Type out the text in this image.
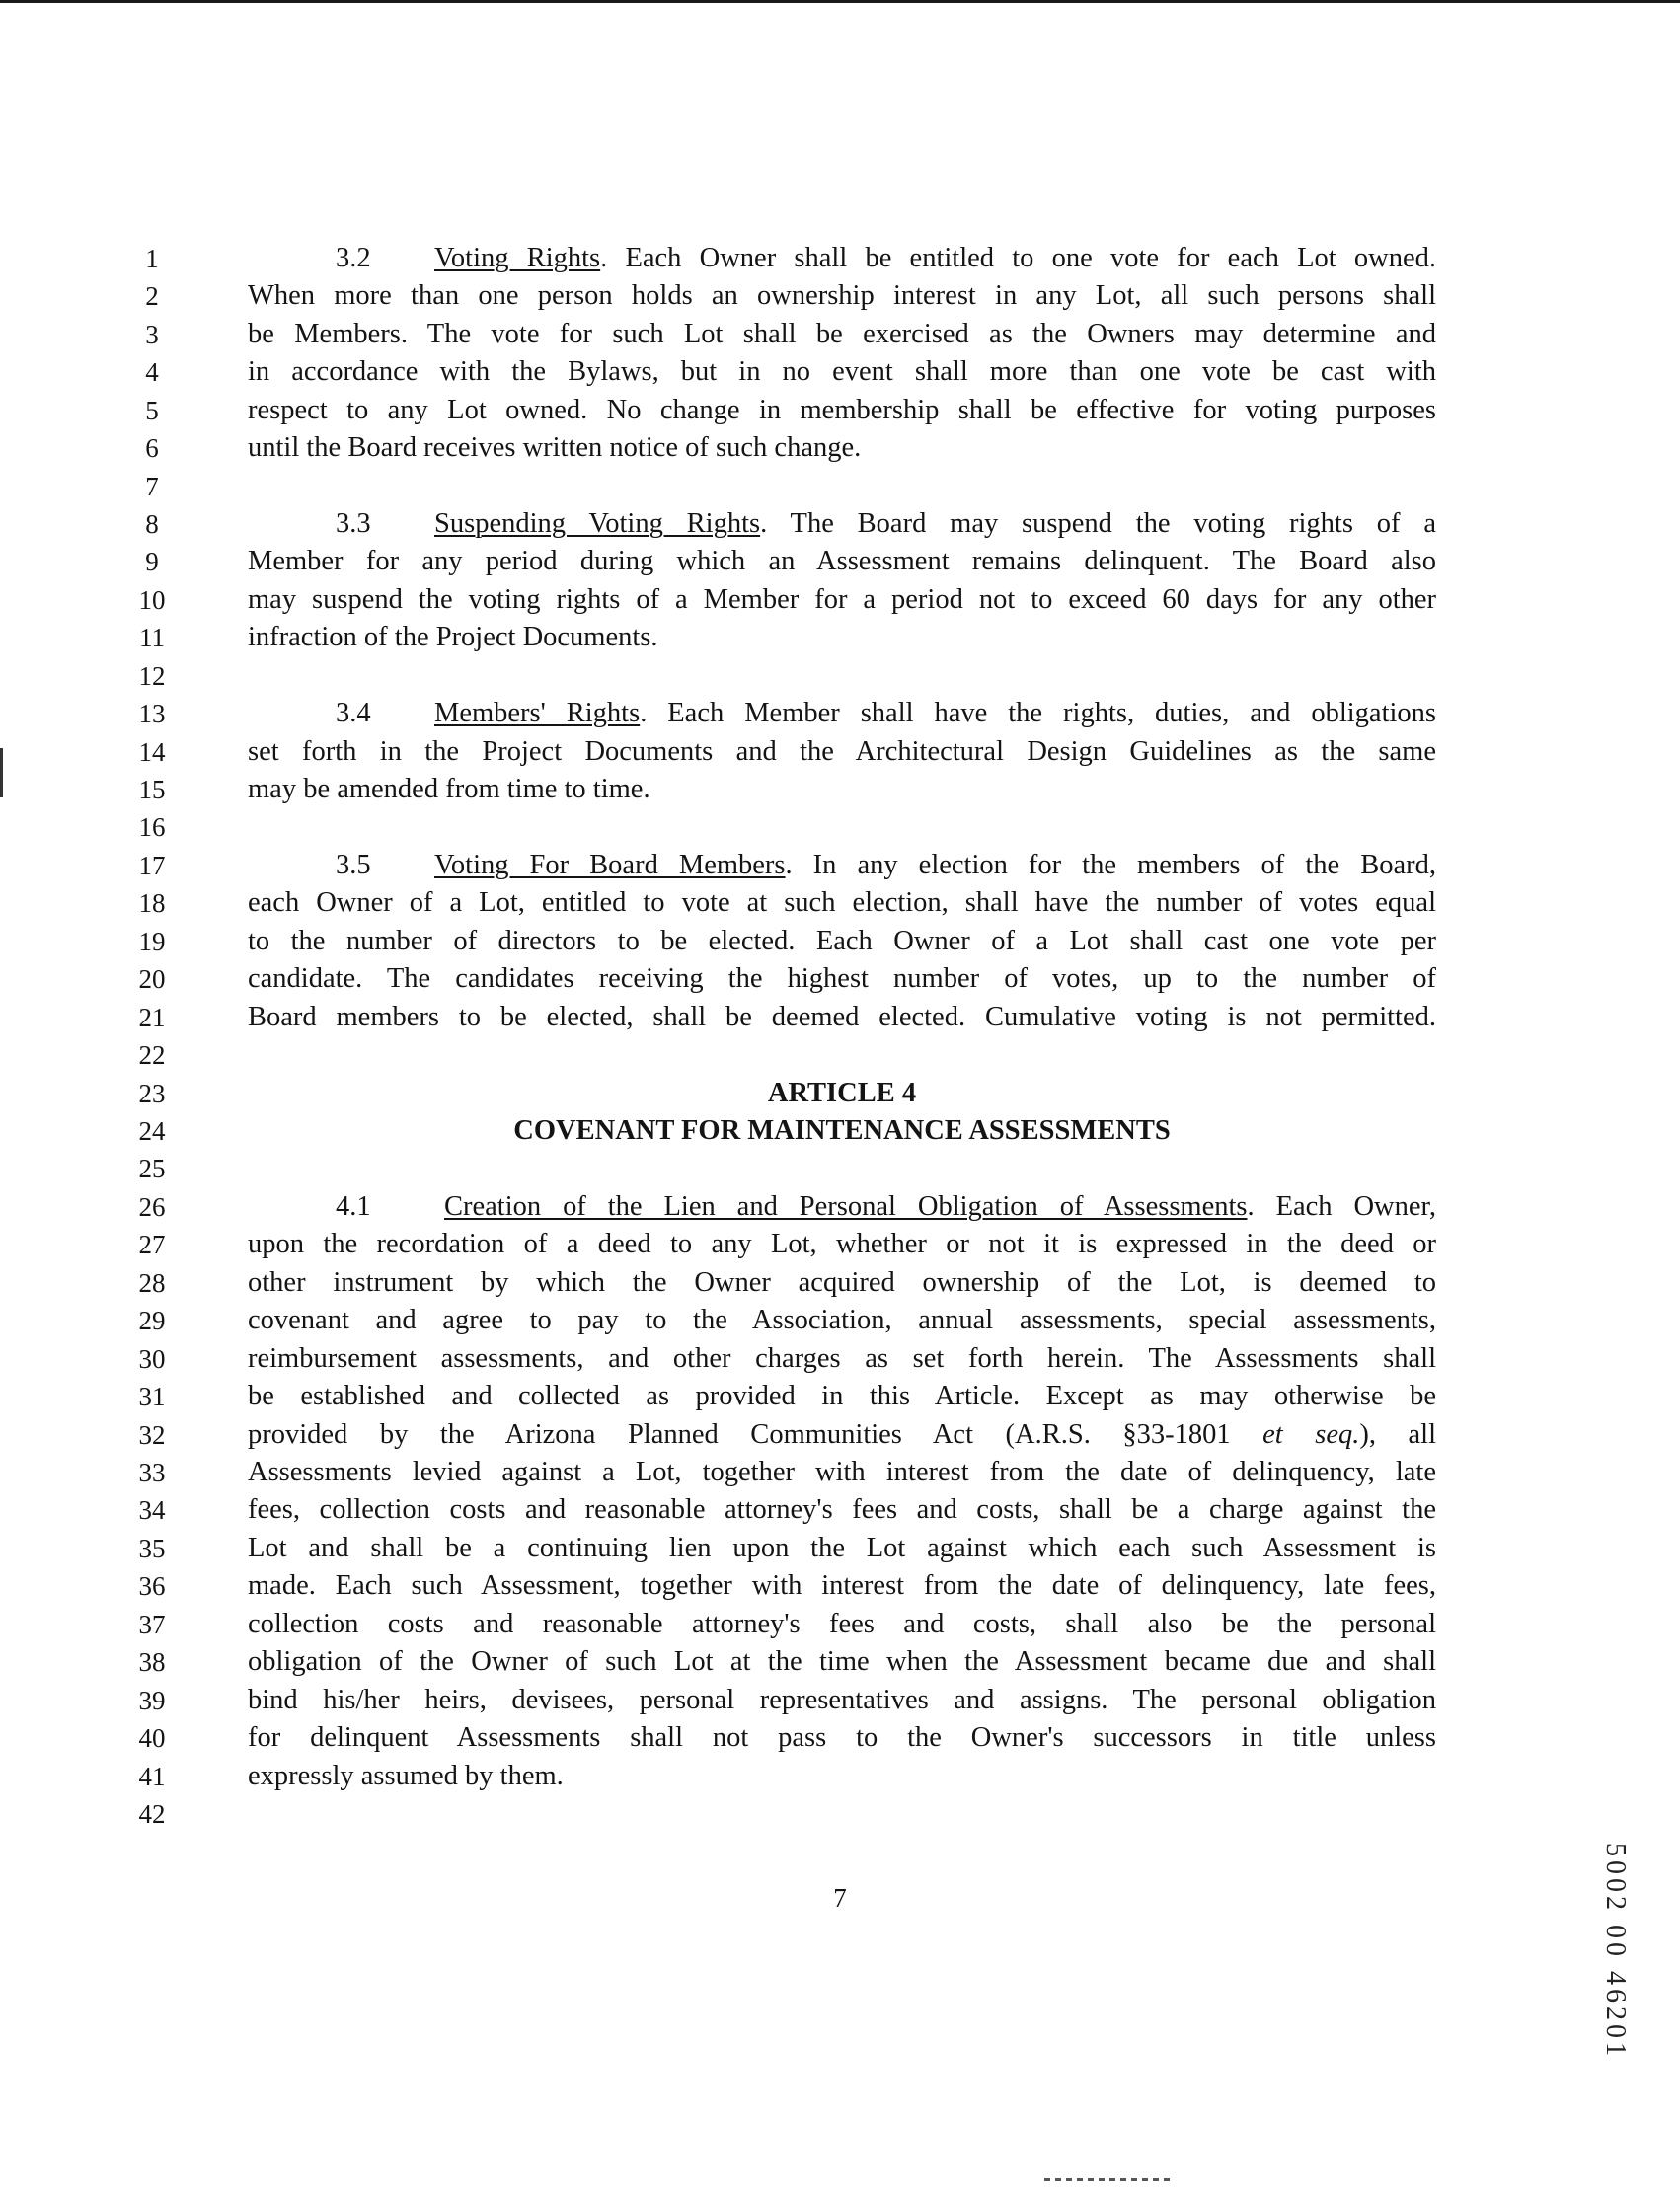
1
2
3
4
5
6
7
8
9
10
11
12
13
14
15
16
17
18
19
20
21
22
23
24
25
26
27
28
29
30
31
32
33
34
35
36
37
38
39
40
41
42
3.2 Voting Rights. Each Owner shall be entitled to one vote for each Lot owned.
When more than one person holds an ownership interest in any Lot, all such persons shall
be Members. The vote for such Lot shall be exercised as the Owners may determine and
in accordance with the Bylaws, but in no event shall more than one vote be cast with
respect to any Lot owned. No change in membership shall be effective for voting purposes
until the Board receives written notice of such change.
3.3 Suspending Voting Rights. The Board may suspend the voting rights of a
Member for any period during which an Assessment remains delinquent. The Board also
may suspend the voting rights of a Member for a period not to exceed 60 days for any other
infraction of the Project Documents.
3.4 Members' Rights. Each Member shall have the rights, duties, and obligations
set forth in the Project Documents and the Architectural Design Guidelines as the same
may be amended from time to time.
3.5 Voting For Board Members. In any election for the members of the Board,
each Owner of a Lot, entitled to vote at such election, shall have the number of votes equal
to the number of directors to be elected. Each Owner of a Lot shall cast one vote per
candidate. The candidates receiving the highest number of votes, up to the number of
Board members to be elected, shall be deemed elected. Cumulative voting is not permitted.
ARTICLE 4
COVENANT FOR MAINTENANCE ASSESSMENTS
4.1	Creation of the Lien and Personal Obligation of Assessments. Each Owner,
upon the recordation of a deed to any Lot, whether or not it is expressed in the deed or
other instrument by which the Owner acquired ownership of the Lot, is deemed to
covenant and agree to pay to the Association, annual assessments, special assessments,
reimbursement assessments, and other charges as set forth herein. The Assessments shall
be established and collected as provided in this Article. Except as may otherwise be
provided by the Arizona Planned Communities Act (A.R.S. §33-1801 et seq.), all
Assessments levied against a Lot, together with interest from the date of delinquency, late
fees, collection costs and reasonable attorney's fees and costs, shall be a charge against the
Lot and shall be a continuing lien upon the Lot against which each such Assessment is
made. Each such Assessment, together with interest from the date of delinquency, late fees,
collection costs and reasonable attorney's fees and costs, shall also be the personal
obligation of the Owner of such Lot at the time when the Assessment became due and shall
bind his/her heirs, devisees, personal representatives and assigns. The personal obligation
for delinquent Assessments shall not pass to the Owner's successors in title unless
expressly assumed by them.
7	5002 00 46201
